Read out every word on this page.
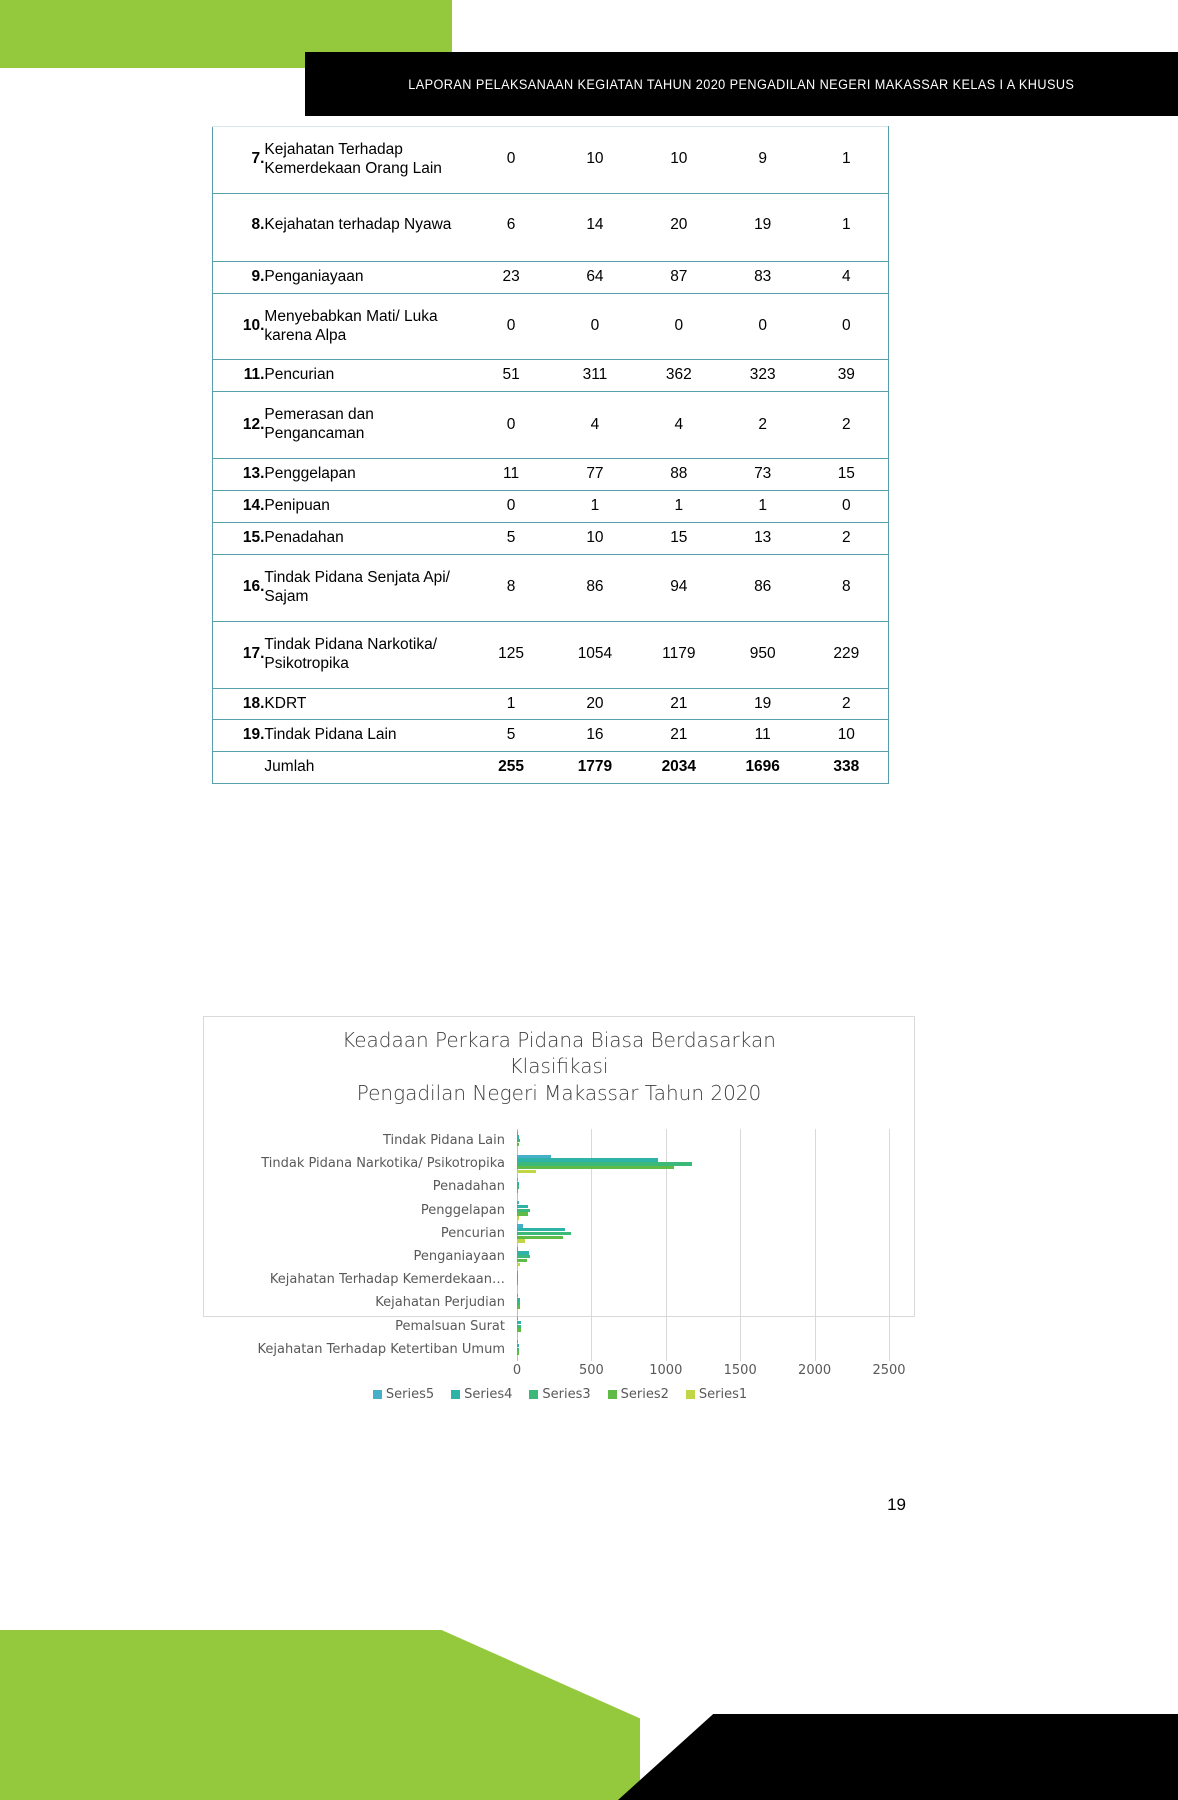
LAPORAN PELAKSANAAN KEGIATAN TAHUN 2020 PENGADILAN NEGERI MAKASSAR KELAS I A KHUSUS
7.	Kejahatan Terhadap Kemerdekaan Orang Lain	0	10	10	9	1
8.	Kejahatan terhadap Nyawa	6	14	20	19	1
9.	Penganiayaan	23	64	87	83	4
10.	Menyebabkan Mati/ Luka karena Alpa	0	0	0	0	0
11.	Pencurian	51	311	362	323	39
12.	Pemerasan dan Pengancaman	0	4	4	2	2
13.	Penggelapan	11	77	88	73	15
14.	Penipuan	0	1	1	1	0
15.	Penadahan	5	10	15	13	2
16.	Tindak Pidana Senjata Api/ Sajam	8	86	94	86	8
17.	Tindak Pidana Narkotika/ Psikotropika	125	1054	1179	950	229
18.	KDRT	1	20	21	19	2
19.	Tindak Pidana Lain	5	16	21	11	10
	Jumlah	255	1779	2034	1696	338
Keadaan Perkara Pidana Biasa Berdasarkan
Klasifikasi
Pengadilan Negeri Makassar Tahun 2020
Tindak Pidana Lain
Tindak Pidana Narkotika/ Psikotropika
Penadahan
Penggelapan
Pencurian
Penganiayaan
Kejahatan Terhadap Kemerdekaan…
Kejahatan Perjudian
Pemalsuan Surat
Kejahatan Terhadap Ketertiban Umum
0	500	1000	1500	2000	2500
Series5 Series4 Series3 Series2 Series1
19
